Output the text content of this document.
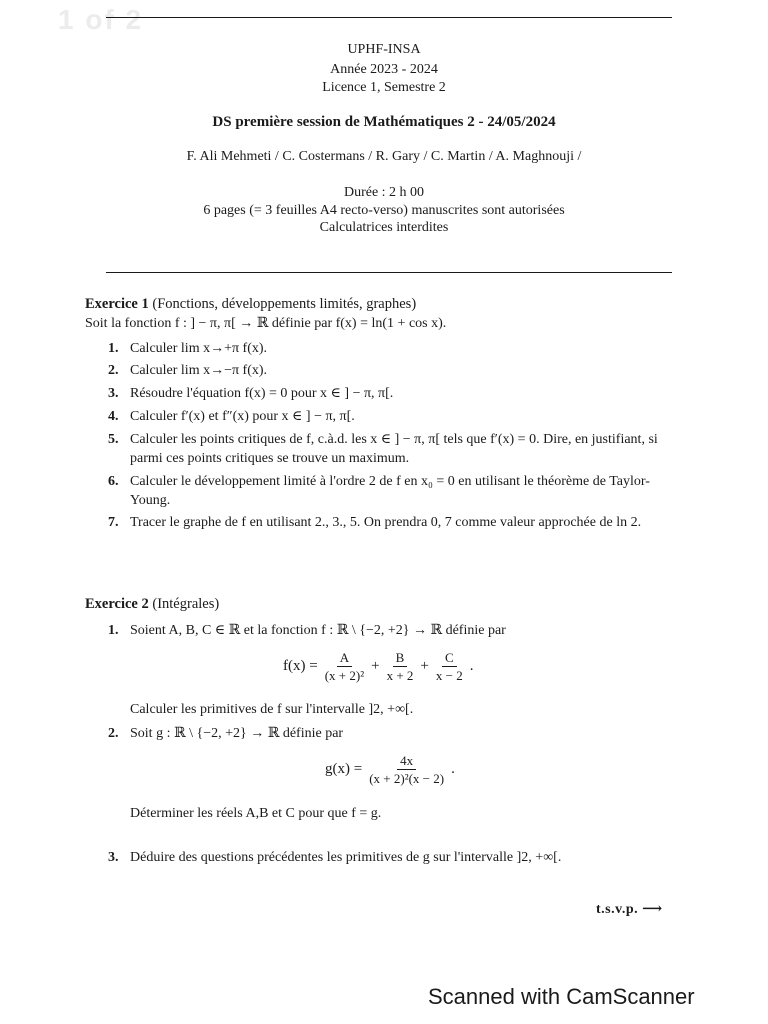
1 of 2
UPHF-INSA
Année 2023 - 2024
Licence 1, Semestre 2
DS première session de Mathématiques 2 - 24/05/2024
F. Ali Mehmeti / C. Costermans / R. Gary / C. Martin / A. Maghnouji /
Durée : 2 h 00
6 pages (= 3 feuilles A4 recto-verso) manuscrites sont autorisées
Calculatrices interdites
Exercice 1 (Fonctions, développements limités, graphes)
Soit la fonction f : ] − π, π[ → ℝ définie par f(x) = ln(1 + cos x).
1. Calculer lim x→+π f(x).
2. Calculer lim x→−π f(x).
3. Résoudre l'équation f(x) = 0 pour x ∈ ] − π, π[.
4. Calculer f′(x) et f″(x) pour x ∈ ] − π, π[.
5. Calculer les points critiques de f, c.à.d. les x ∈ ] − π, π[ tels que f′(x) = 0. Dire, en justifiant, si parmi ces points critiques se trouve un maximum.
6. Calculer le développement limité à l'ordre 2 de f en x₀ = 0 en utilisant le théorème de Taylor-Young.
7. Tracer le graphe de f en utilisant 2., 3., 5. On prendra 0, 7 comme valeur approchée de ln 2.
Exercice 2 (Intégrales)
1. Soient A, B, C ∈ ℝ et la fonction f : ℝ \ {−2, +2} → ℝ définie par
$f(x) = \frac{A}{\text{(x + 2)²}} + \frac{B}{x + 2} + \frac{C}{x - 2}$ .
Calculer les primitives de f sur l'intervalle ]2, +∞[.
2. Soit g : ℝ \ {−2, +2} → ℝ définie par
$g(x) = \frac{4x}{\text{(x + 2)²(x − 2)}}$ .
Déterminer les réels A,B et C pour que f = g.
3. Déduire des questions précédentes les primitives de g sur l'intervalle ]2, +∞[.
t.s.v.p. ⟶
Scanned with CamScanner
